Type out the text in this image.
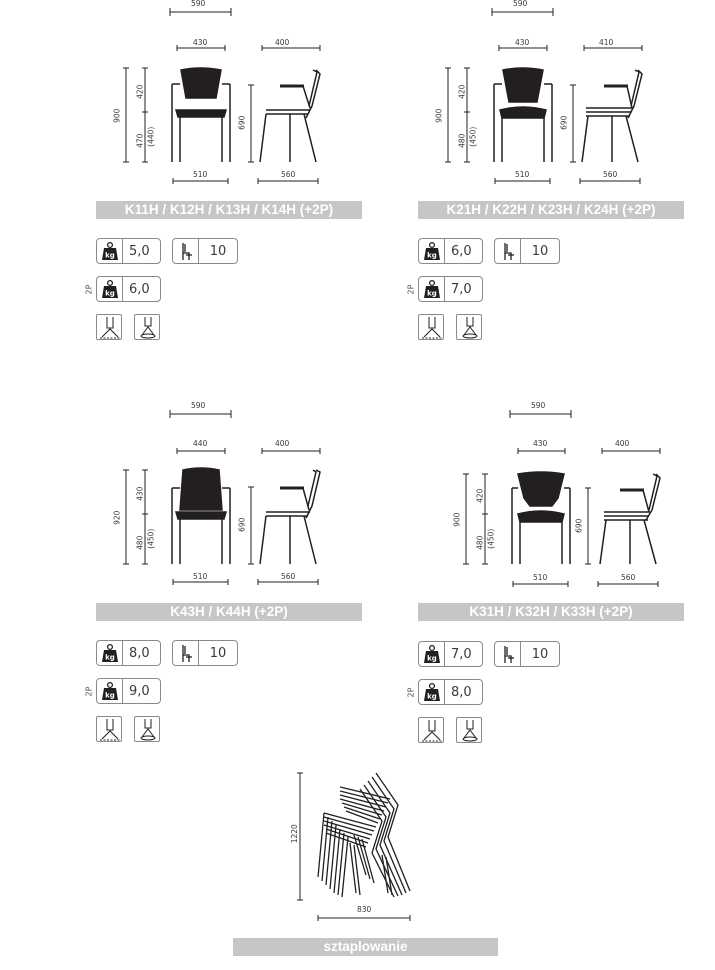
590
430	400
900
420
470 (440)
690
510	560
K11H / K12H / K13H / K14H (+2P)
kg	5,0	10
2P kg	6,0
590
430	410
900
420
480 (450)
690
510	560
K21H / K22H / K23H / K24H (+2P)
kg	6,0	10
2P kg	7,0
590
440	400
920
430
480 (450)
690
510	560
K43H / K44H (+2P)
kg	8,0	10
2P kg	9,0
590
430	400
900
420
480 (450)
690
510	560
K31H / K32H / K33H (+2P)
kg	7,0	10
2P kg	8,0
1220
830
sztaplowanie
